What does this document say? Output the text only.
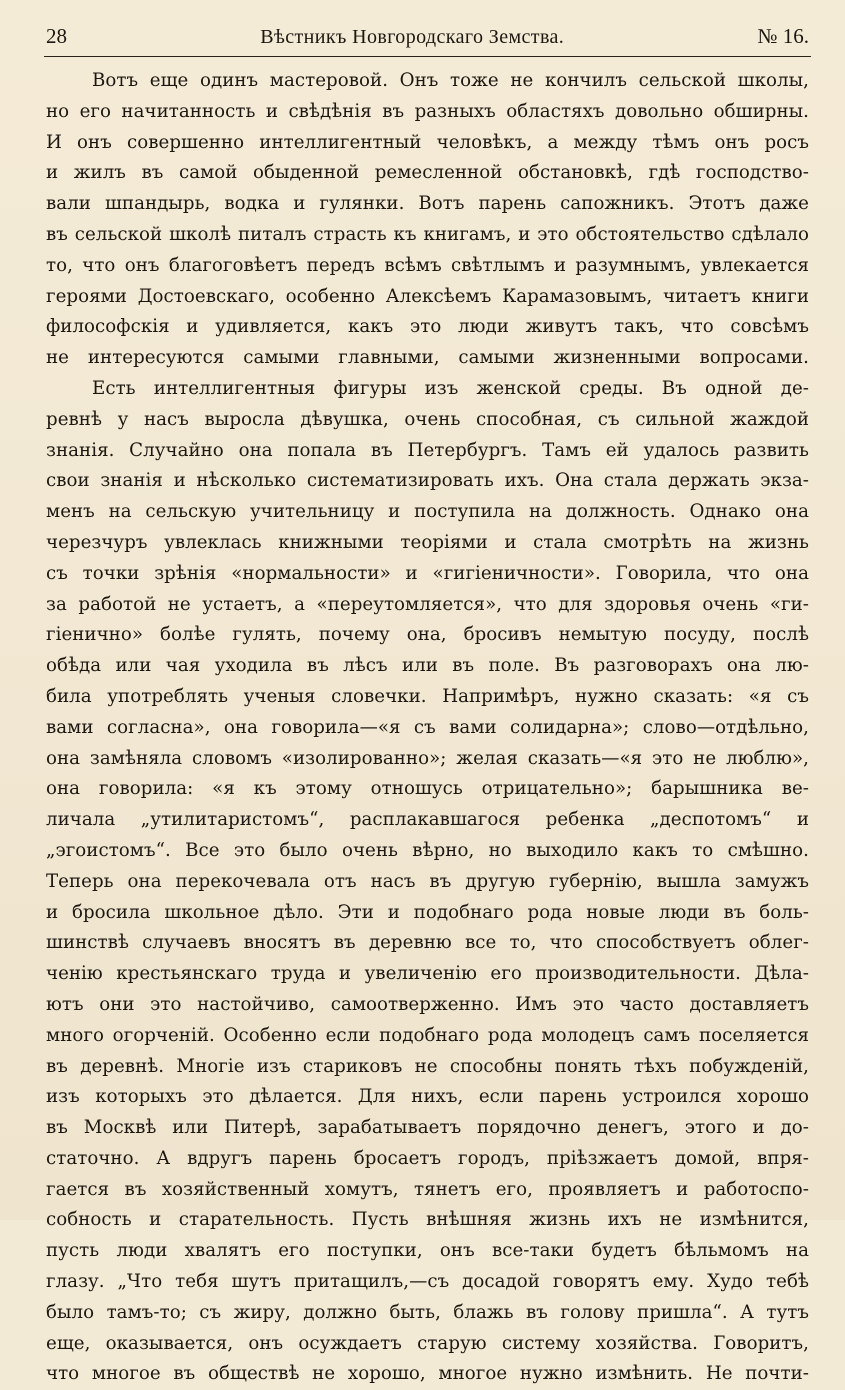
28	Вѣстникъ Новгородскаго Земства.	№ 16.
Вотъ еще одинъ мастеровой. Онъ тоже не кончилъ сельской школы,
но его начитанность и свѣдѣнія въ разныхъ областяхъ довольно обширны.
И онъ совершенно интеллигентный человѣкъ, а между тѣмъ онъ росъ
и жилъ въ самой обыденной ремесленной обстановкѣ, гдѣ господство-
вали шпандырь, водка и гулянки. Вотъ парень сапожникъ. Этотъ даже
въ сельской школѣ питалъ страсть къ книгамъ, и это обстоятельство сдѣлало
то, что онъ благоговѣетъ передъ всѣмъ свѣтлымъ и разумнымъ, увлекается
героями Достоевскаго, особенно Алексѣемъ Карамазовымъ, читаетъ книги
философскія и удивляется, какъ это люди живутъ такъ, что совсѣмъ
не интересуются самыми главными, самыми жизненными вопросами.
Есть интеллигентныя фигуры изъ женской среды. Въ одной де-
ревнѣ у насъ выросла дѣвушка, очень способная, съ сильной жаждой
знанія. Случайно она попала въ Петербургъ. Тамъ ей удалось развить
свои знанія и нѣсколько систематизировать ихъ. Она стала держать экза-
менъ на сельскую учительницу и поступила на должность. Однако она
черезчуръ увлеклась книжными теоріями и стала смотрѣть на жизнь
съ точки зрѣнія «нормальности» и «гигіеничности». Говорила, что она
за работой не устаетъ, а «переутомляется», что для здоровья очень «ги-
гіенично» болѣе гулять, почему она, бросивъ немытую посуду, послѣ
обѣда или чая уходила въ лѣсъ или въ поле. Въ разговорахъ она лю-
била употреблять ученыя словечки. Напримѣръ, нужно сказать: «я съ
вами согласна», она говорила—«я съ вами солидарна»; слово—отдѣльно,
она замѣняла словомъ «изолированно»; желая сказать—«я это не люблю»,
она говорила: «я къ этому отношусь отрицательно»; барышника ве-
личала „утилитаристомъ“, расплакавшагося ребенка „деспотомъ“ и
„эгоистомъ“. Все это было очень вѣрно, но выходило какъ то смѣшно.
Теперь она перекочевала отъ насъ въ другую губернію, вышла замужъ
и бросила школьное дѣло. Эти и подобнаго рода новые люди въ боль-
шинствѣ случаевъ вносятъ въ деревню все то, что способствуетъ облег-
ченію крестьянскаго труда и увеличенію его производительности. Дѣла-
ютъ они это настойчиво, самоотверженно. Имъ это часто доставляетъ
много огорченій. Особенно если подобнаго рода молодецъ самъ поселяется
въ деревнѣ. Многіе изъ стариковъ не способны понять тѣхъ побужденій,
изъ которыхъ это дѣлается. Для нихъ, если парень устроился хорошо
въ Москвѣ или Питерѣ, зарабатываетъ порядочно денегъ, этого и до-
статочно. А вдругъ парень бросаетъ городъ, пріѣзжаетъ домой, впря-
гается въ хозяйственный хомутъ, тянетъ его, проявляетъ и работоспо-
собность и старательность. Пусть внѣшняя жизнь ихъ не измѣнится,
пусть люди хвалятъ его поступки, онъ все-таки будетъ бѣльмомъ на
глазу. „Что тебя шутъ притащилъ,—съ досадой говорятъ ему. Худо тебѣ
было тамъ-то; съ жиру, должно быть, блажь въ голову пришла“. А тутъ
еще, оказывается, онъ осуждаетъ старую систему хозяйства. Говоритъ,
что многое въ обществѣ не хорошо, многое нужно измѣнить. Не почти-
